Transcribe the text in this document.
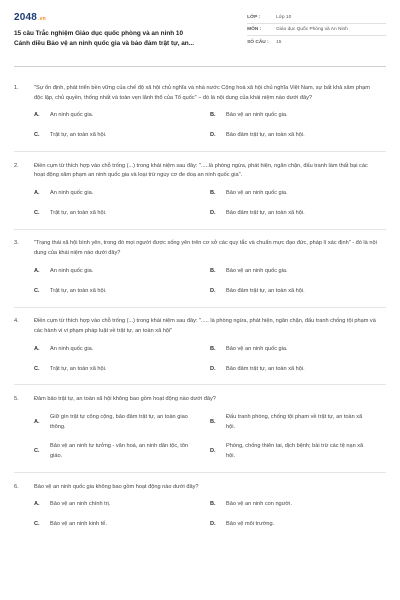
2048.vn
15 câu Trắc nghiệm Giáo dục quốc phòng và an ninh 10
Cánh diều Bảo vệ an ninh quốc gia và bảo đảm trật tự, an...
LỚP :	Lớp 10
MÔN :	Giáo dục Quốc Phòng và An Ninh
SỐ CÂU :	15
1.	"Sự ổn định, phát triển bền vững của chế độ xã hội chủ nghĩa và nhà nước Cộng hoà xã hội chủ nghĩa Việt Nam, sự bất khả xâm phạm độc lập, chủ quyền, thống nhất và toàn vẹn lãnh thổ của Tổ quốc" – đó là nội dung của khái niệm nào dưới đây?
A.	An ninh quốc gia.	B.	Bảo vệ an ninh quốc gia.
C.	Trật tự, an toàn xã hội.	D.	Bảo đảm trật tự, an toàn xã hội.
2.	Điền cụm từ thích hợp vào chỗ trống (...) trong khái niệm sau đây: ".....là phòng ngừa, phát hiện, ngăn chặn, đấu tranh làm thất bại các hoạt động xâm phạm an ninh quốc gia và loại trừ nguy cơ đe doạ an ninh quốc gia".
A.	An ninh quốc gia.	B.	Bảo vệ an ninh quốc gia.
C.	Trật tự, an toàn xã hội.	D.	Bảo đảm trật tự, an toàn xã hội.
3.	"Trạng thái xã hội bình yên, trong đó mọi người được sống yên trên cơ sở các quy tắc và chuẩn mực đạo đức, pháp lí xác định" - đó là nội dung của khái niệm nào dưới đây?
A.	An ninh quốc gia.	B.	Bảo vệ an ninh quốc gia.
C.	Trật tự, an toàn xã hội.	D.	Bảo đảm trật tự, an toàn xã hội.
4.	Điền cụm từ thích hợp vào chỗ trống (...) trong khái niệm sau đây: "..... là phòng ngừa, phát hiện, ngăn chặn, đấu tranh chống tội phạm và các hành vi vi phạm pháp luật về trật tự, an toàn xã hội"
A.	An ninh quốc gia.	B.	Bảo vệ an ninh quốc gia.
C.	Trật tự, an toàn xã hội.	D.	Bảo đảm trật tự, an toàn xã hội.
5.	Đảm bảo trật tự, an toàn xã hội không bao gồm hoạt động nào dưới đây?
A.
Giữ gìn trật tự công cộng, bảo đảm trật tự, an toàn giao thông.
B.
Đấu tranh phòng, chống tội phạm về trật tự, an toàn xã hội.
C.
Bảo vệ an ninh tư tưởng - văn hoá, an ninh dân tộc, tôn giáo.
D.
Phòng, chống thiên tai, dịch bệnh; bài trừ các tệ nạn xã hội.
6.	Bảo vệ an ninh quốc gia không bao gồm hoạt động nào dưới đây?
A.	Bảo vệ an ninh chính trị.	B.	Bảo vệ an ninh con người.
C.	Bảo vệ an ninh kinh tế.	D.	Bảo vệ môi trường.
